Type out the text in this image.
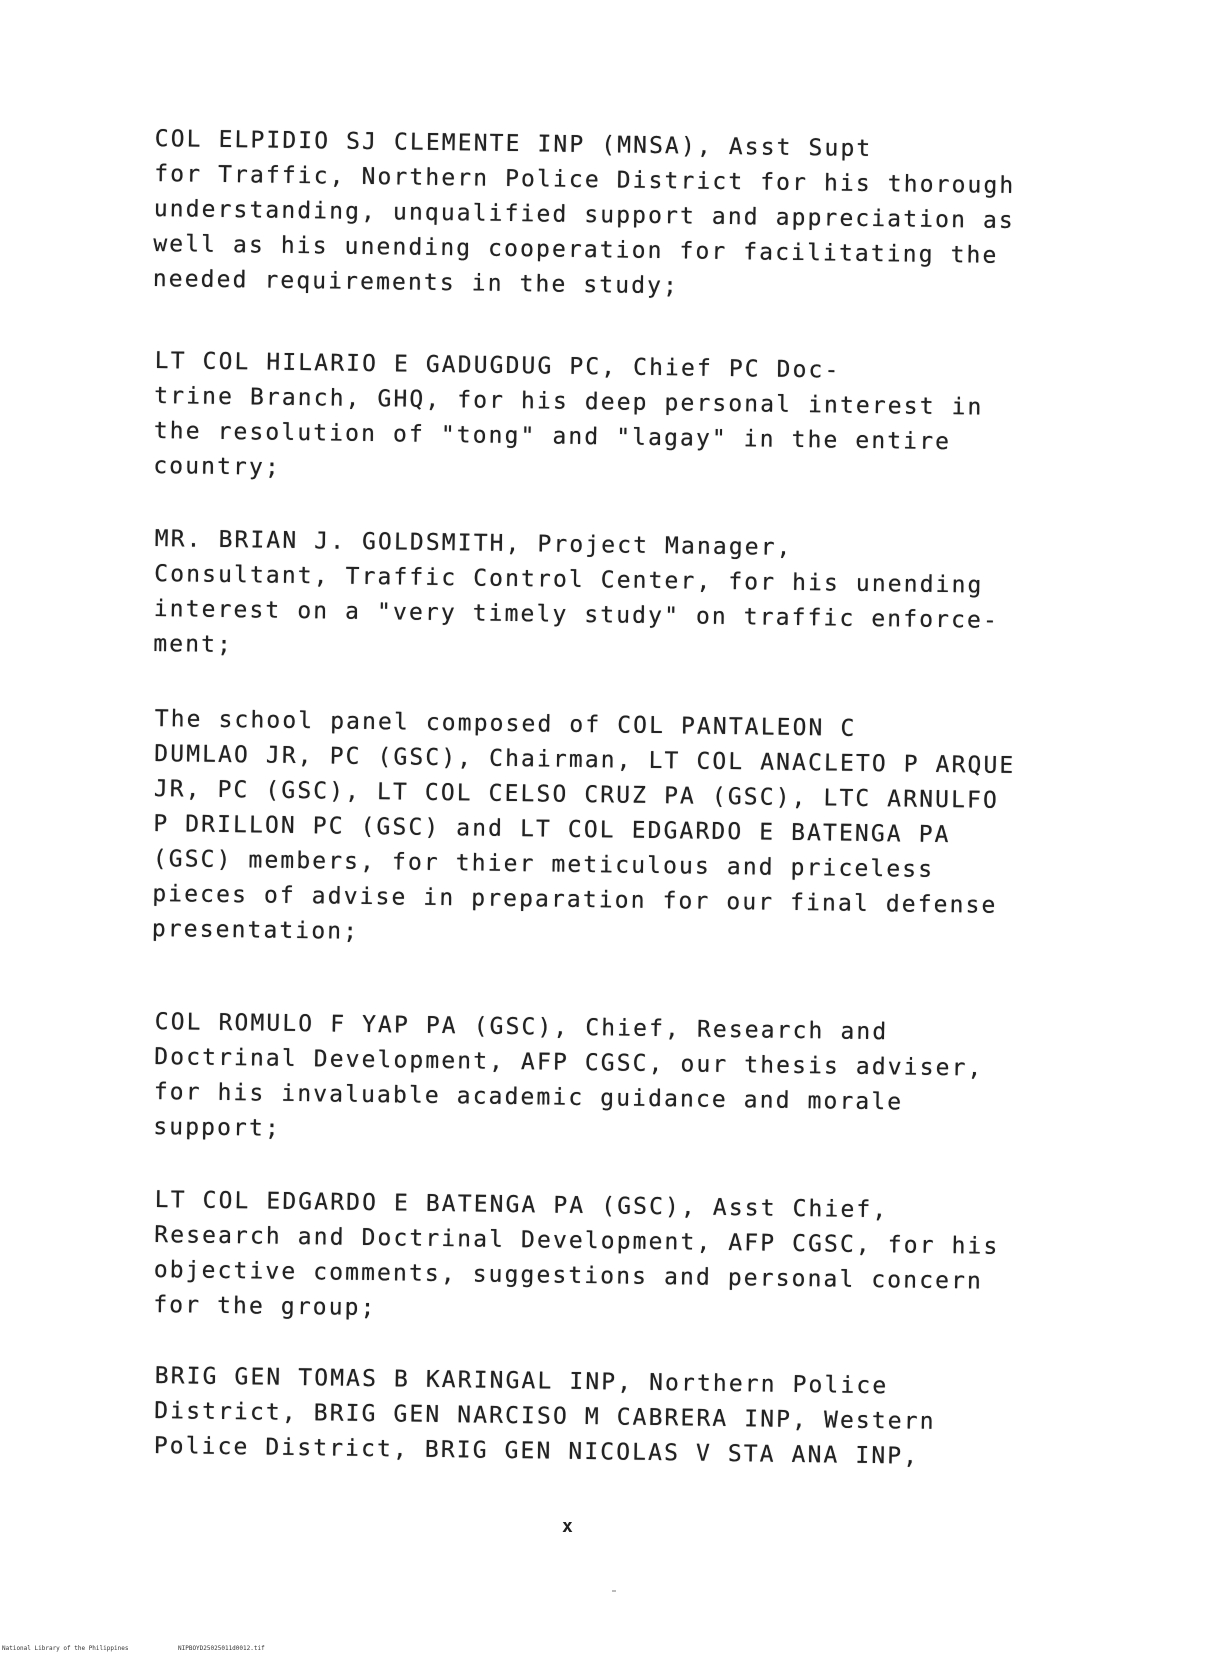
COL ELPIDIO SJ CLEMENTE INP (MNSA), Asst Supt
for Traffic, Northern Police District for his thorough
understanding, unqualified support and appreciation as
well as his unending cooperation for facilitating the
needed requirements in the study;

LT COL HILARIO E GADUGDUG PC, Chief PC Doc-
trine Branch, GHQ, for his deep personal interest in
the resolution of "tong" and "lagay" in the entire
country;

MR. BRIAN J. GOLDSMITH, Project Manager,
Consultant, Traffic Control Center, for his unending
interest on a "very timely study" on traffic enforce-
ment;

The school panel composed of COL PANTALEON C
DUMLAO JR, PC (GSC), Chairman, LT COL ANACLETO P ARQUE
JR, PC (GSC), LT COL CELSO CRUZ PA (GSC), LTC ARNULFO
P DRILLON PC (GSC) and LT COL EDGARDO E BATENGA PA
(GSC) members, for thier meticulous and priceless
pieces of advise in preparation for our final defense
presentation;

COL ROMULO F YAP PA (GSC), Chief, Research and
Doctrinal Development, AFP CGSC, our thesis adviser,
for his invaluable academic guidance and morale
support;

LT COL EDGARDO E BATENGA PA (GSC), Asst Chief,
Research and Doctrinal Development, AFP CGSC, for his
objective comments, suggestions and personal concern
for the group;

BRIG GEN TOMAS B KARINGAL INP, Northern Police
District, BRIG GEN NARCISO M CABRERA INP, Western
Police District, BRIG GEN NICOLAS V STA ANA INP,

x
National Library of the Philippines	NIPBOYD25025011d0012.tif
